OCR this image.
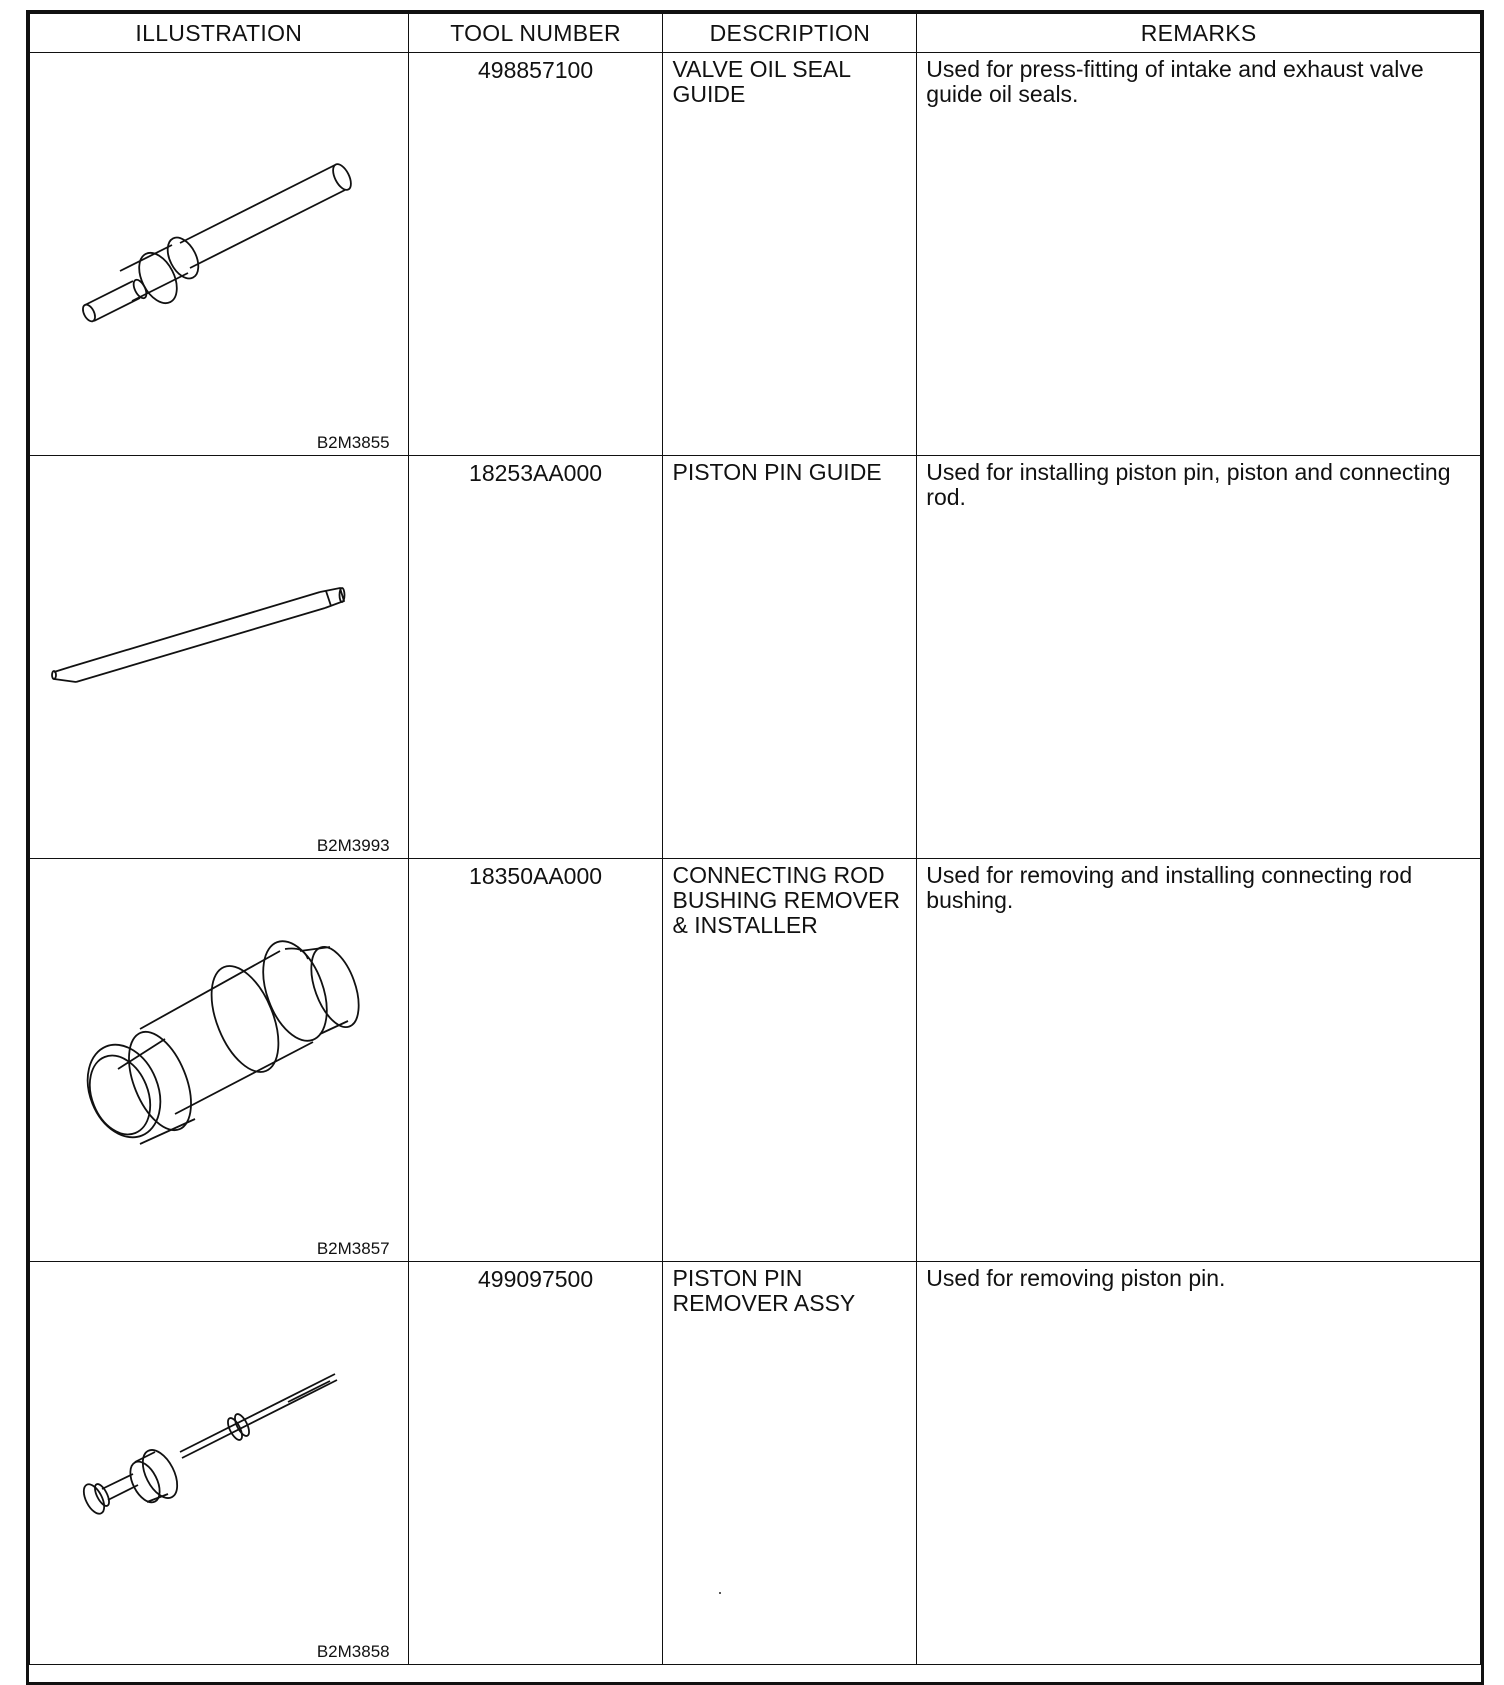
ILLUSTRATION	TOOL NUMBER	DESCRIPTION	REMARKS

B2M3855	498857100	VALVE OIL SEAL GUIDE	Used for press-fitting of intake and exhaust valve guide oil seals.

B2M3993	18253AA000	PISTON PIN GUIDE	Used for installing piston pin, piston and connecting rod.

B2M3857	18350AA000	CONNECTING ROD BUSHING REMOVER & INSTALLER	Used for removing and installing connecting rod bushing.

B2M3858	499097500	PISTON PIN REMOVER ASSY	Used for removing piston pin.
